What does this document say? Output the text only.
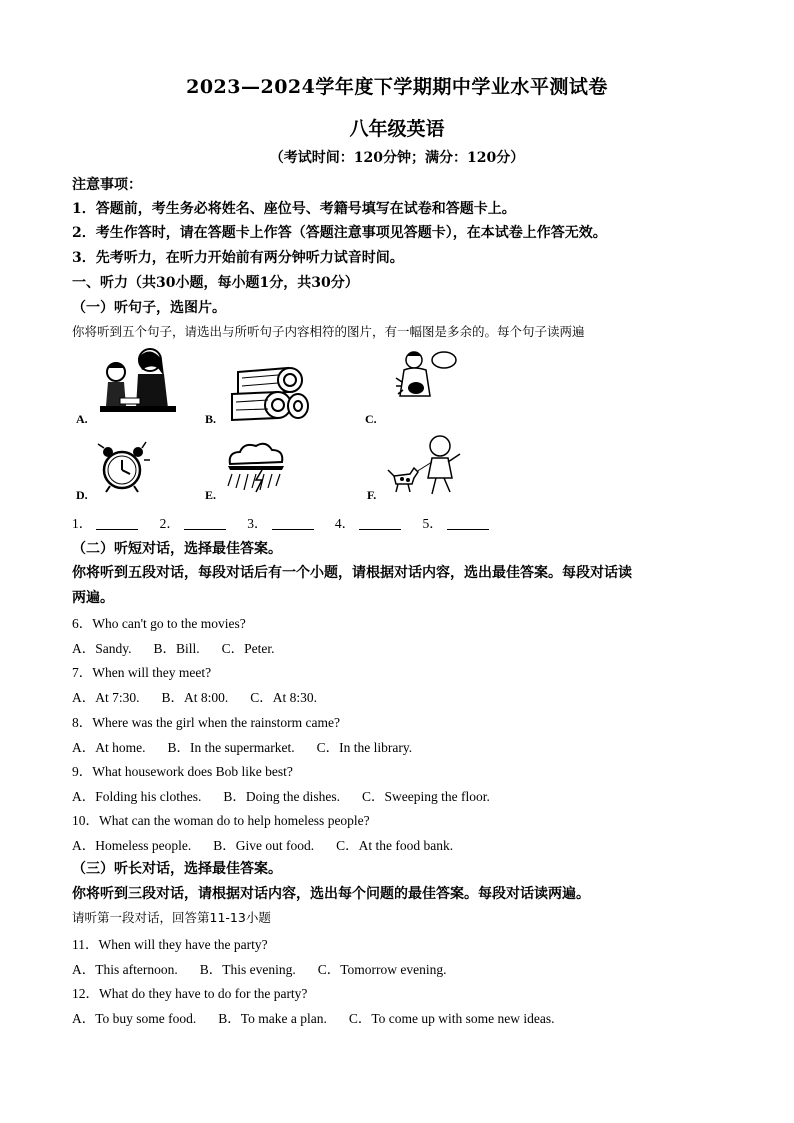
2023—2024学年度下学期期中学业水平测试卷
八年级英语
（考试时间：120分钟；满分：120分）
注意事项：
1．答题前，考生务必将姓名、座位号、考籍号填写在试卷和答题卡上。
2．考生作答时，请在答题卡上作答（答题注意事项见答题卡），在本试卷上作答无效。
3．先考听力，在听力开始前有两分钟听力试音时间。
一、听力（共30小题，每小题1分，共30分）
（一）听句子，选图片。
你将听到五个句子，请选出与所听句子内容相符的图片，有一幅图是多余的。每个句子读两遍
A.	B.	C.
D.	E.	F.
1．	2．	3．	4．	5．
（二）听短对话，选择最佳答案。
你将听到五段对话，每段对话后有一个小题，请根据对话内容，选出最佳答案。每段对话读
两遍。
6．Who can't go to the movies?
A．Sandy. B．Bill. C．Peter.
7．When will they meet?
A．At 7:30. B．At 8:00. C．At 8:30.
8．Where was the girl when the rainstorm came?
A．At home. B．In the supermarket. C．In the library.
9．What housework does Bob like best?
A．Folding his clothes. B．Doing the dishes. C．Sweeping the floor.
10．What can the woman do to help homeless people?
A．Homeless people. B．Give out food. C．At the food bank.
（三）听长对话，选择最佳答案。
你将听到三段对话，请根据对话内容，选出每个问题的最佳答案。每段对话读两遍。
请听第一段对话，回答第11-13小题
11．When will they have the party?
A．This afternoon. B．This evening. C．Tomorrow evening.
12．What do they have to do for the party?
A．To buy some food. B．To make a plan. C．To come up with some new ideas.
